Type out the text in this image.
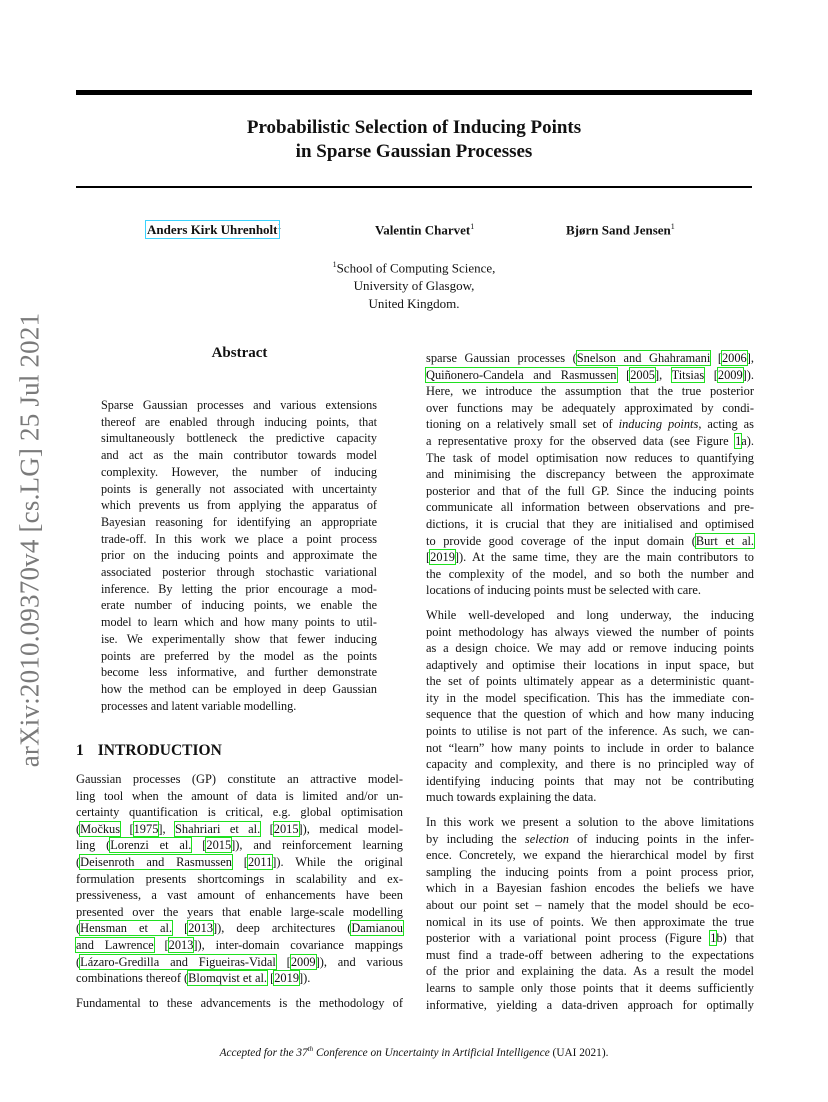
arXiv:2010.09370v4 [cs.LG] 25 Jul 2021
Probabilistic Selection of Inducing Points
in Sparse Gaussian Processes
Anders Kirk Uhrenholt$^1$	Valentin Charvet$^1$	Bjørn Sand Jensen$^1$
$^1$School of Computing Science,
University of Glasgow,
United Kingdom.
Abstract
Sparse Gaussian processes and various extensions
thereof are enabled through inducing points, that
simultaneously bottleneck the predictive capacity
and act as the main contributor towards model
complexity. However, the number of inducing
points is generally not associated with uncertainty
which prevents us from applying the apparatus of
Bayesian reasoning for identifying an appropriate
trade-off. In this work we place a point process
prior on the inducing points and approximate the
associated posterior through stochastic variational
inference. By letting the prior encourage a mod-
erate number of inducing points, we enable the
model to learn which and how many points to util-
ise. We experimentally show that fewer inducing
points are preferred by the model as the points
become less informative, and further demonstrate
how the method can be employed in deep Gaussian
processes and latent variable modelling.
1 INTRODUCTION

Gaussian processes (GP) constitute an attractive model-
ling tool when the amount of data is limited and/or un-
certainty quantification is critical, e.g. global optimisation
(Močkus [1975], Shahriari et al. [2015]), medical model-
ling (Lorenzi et al. [2015]), and reinforcement learning
(Deisenroth and Rasmussen [2011]). While the original
formulation presents shortcomings in scalability and ex-
pressiveness, a vast amount of enhancements have been
presented over the years that enable large-scale modelling
(Hensman et al. [2013]), deep architectures (Damianou
and Lawrence [2013]), inter-domain covariance mappings
(Lázaro-Gredilla and Figueiras-Vidal [2009]), and various
combinations thereof (Blomqvist et al. [2019]).

Fundamental to these advancements is the methodology of

sparse Gaussian processes (Snelson and Ghahramani [2006],
Quiñonero-Candela and Rasmussen [2005], Titsias [2009]).
Here, we introduce the assumption that the true posterior
over functions may be adequately approximated by condi-
tioning on a relatively small set of inducing points, acting as
a representative proxy for the observed data (see Figure 1a).
The task of model optimisation now reduces to quantifying
and minimising the discrepancy between the approximate
posterior and that of the full GP. Since the inducing points
communicate all information between observations and pre-
dictions, it is crucial that they are initialised and optimised
to provide good coverage of the input domain (Burt et al.
[2019]). At the same time, they are the main contributors to
the complexity of the model, and so both the number and
locations of inducing points must be selected with care.

While well-developed and long underway, the inducing
point methodology has always viewed the number of points
as a design choice. We may add or remove inducing points
adaptively and optimise their locations in input space, but
the set of points ultimately appear as a deterministic quant-
ity in the model specification. This has the immediate con-
sequence that the question of which and how many inducing
points to utilise is not part of the inference. As such, we can-
not “learn” how many points to include in order to balance
capacity and complexity, and there is no principled way of
identifying inducing points that may not be contributing
much towards explaining the data.

In this work we present a solution to the above limitations
by including the selection of inducing points in the infer-
ence. Concretely, we expand the hierarchical model by first
sampling the inducing points from a point process prior,
which in a Bayesian fashion encodes the beliefs we have
about our point set – namely that the model should be eco-
nomical in its use of points. We then approximate the true
posterior with a variational point process (Figure 1b) that
must find a trade-off between adhering to the expectations
of the prior and explaining the data. As a result the model
learns to sample only those points that it deems sufficiently
informative, yielding a data-driven approach for optimally

Accepted for the 37th Conference on Uncertainty in Artificial Intelligence (UAI 2021).
